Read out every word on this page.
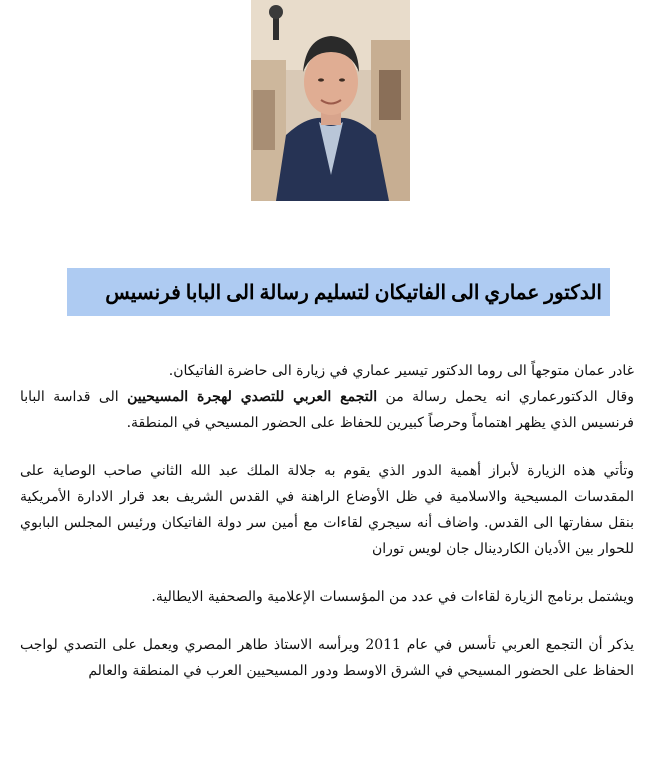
الدكتور عماري الى الفاتيكان لتسليم رسالة الى البابا فرنسيس

غادر عمان متوجهاً الى روما الدكتور تيسير عماري في زيارة الى حاضرة الفاتيكان.
وقال الدكتورعماري انه يحمل رسالة من التجمع العربي للتصدي لهجرة المسيحيين الى قداسة البابا فرنسيس الذي يظهر اهتماماً وحرصاً كبيرين للحفاظ على الحضور المسيحي في المنطقة.

وتأتي هذه الزيارة لأبراز أهمية الدور الذي يقوم به جلالة الملك عبد الله الثاني صاحب الوصاية على المقدسات المسيحية والاسلامية في ظل الأوضاع الراهنة في القدس الشريف بعد قرار الادارة الأمريكية بنقل سفارتها الى القدس. واضاف أنه سيجري لقاءات مع أمين سر دولة الفاتيكان ورئيس المجلس البابوي للحوار بين الأديان الكاردينال جان لويس توران

ويشتمل برنامج الزيارة لقاءات في عدد من المؤسسات الإعلامية والصحفية الايطالية.

يذكر أن التجمع العربي تأسس في عام 2011 ويرأسه الاستاذ طاهر المصري ويعمل على التصدي لواجب الحفاظ على الحضور المسيحي في الشرق الاوسط ودور المسيحيين العرب في المنطقة والعالم
